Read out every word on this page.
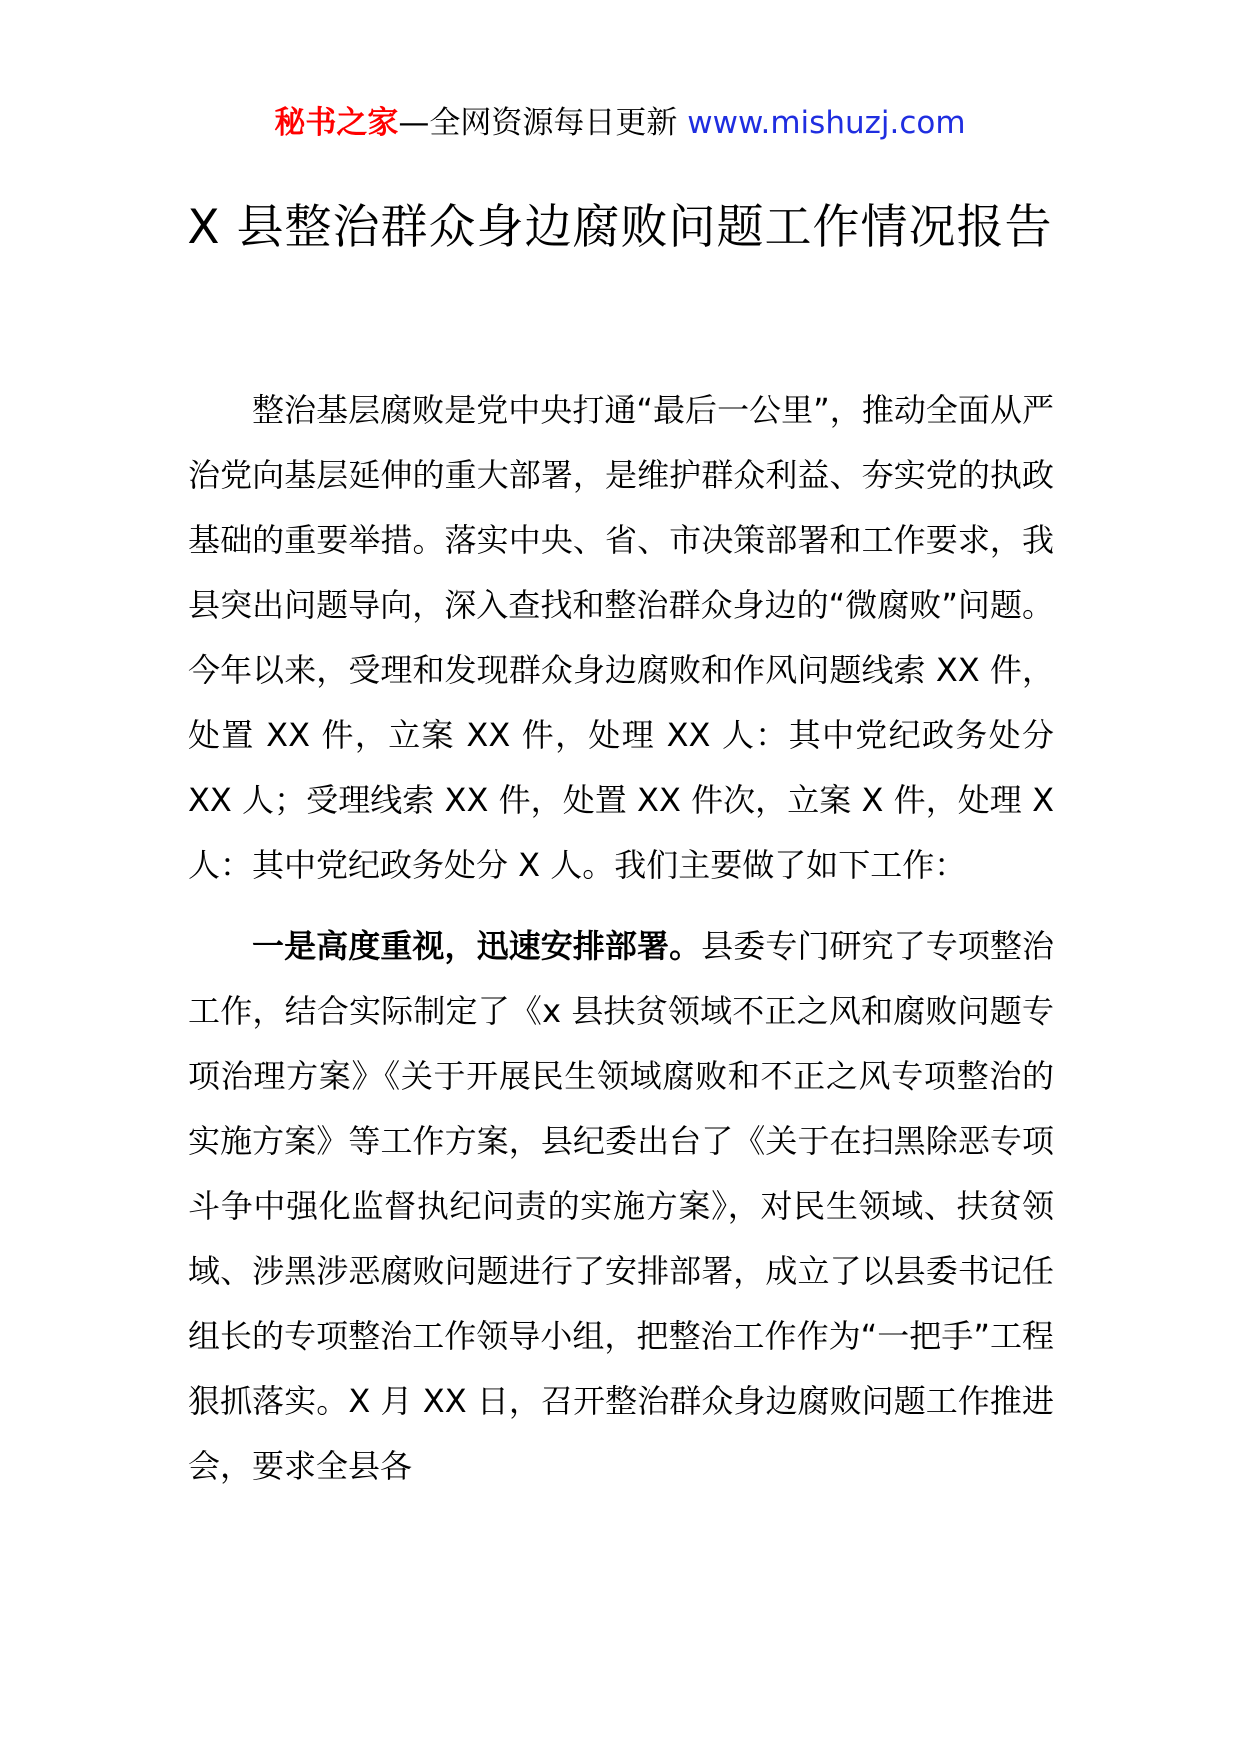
秘书之家—全网资源每日更新 www.mishuzj.com
X 县整治群众身边腐败问题工作情况报告

整治基层腐败是党中央打通“最后一公里”，推动全面从严治党向基层延伸的重大部署，是维护群众利益、夯实党的执政基础的重要举措。落实中央、省、市决策部署和工作要求，我县突出问题导向，深入查找和整治群众身边的“微腐败”问题。今年以来，受理和发现群众身边腐败和作风问题线索 XX 件，处置 XX 件，立案 XX 件，处理 XX 人：其中党纪政务处分 XX 人；受理线索 XX 件，处置 XX 件次，立案 X 件，处理 X 人：其中党纪政务处分 X 人。我们主要做了如下工作：

一是高度重视，迅速安排部署。县委专门研究了专项整治工作，结合实际制定了《x 县扶贫领域不正之风和腐败问题专项治理方案》《关于开展民生领域腐败和不正之风专项整治的实施方案》等工作方案，县纪委出台了《关于在扫黑除恶专项斗争中强化监督执纪问责的实施方案》，对民生领域、扶贫领域、涉黑涉恶腐败问题进行了安排部署，成立了以县委书记任组长的专项整治工作领导小组，把整治工作作为“一把手”工程狠抓落实。X 月 XX 日，召开整治群众身边腐败问题工作推进会，要求全县各
